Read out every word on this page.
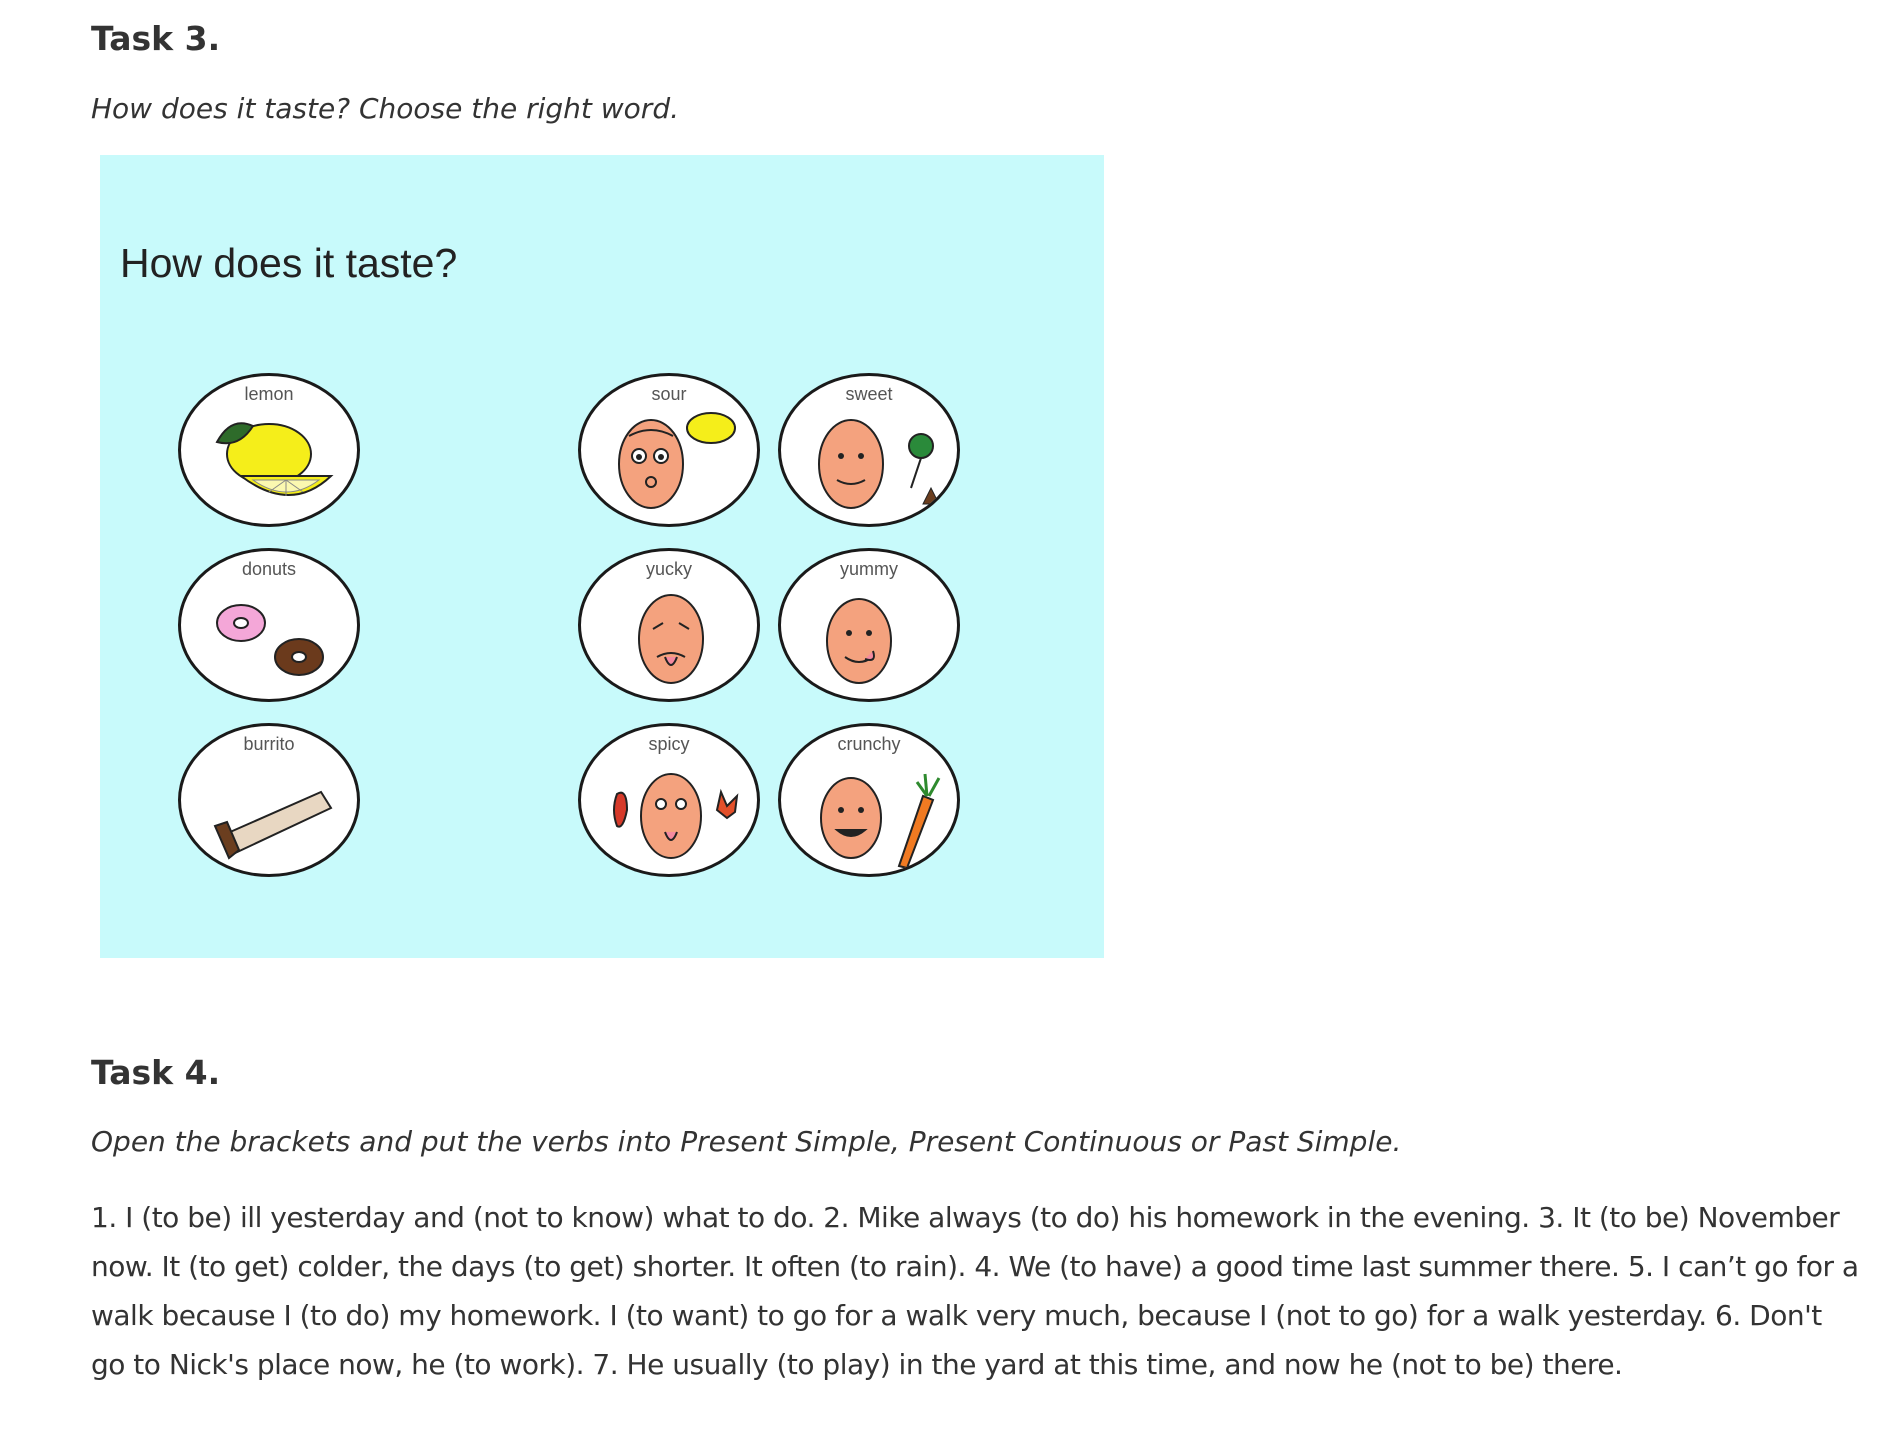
Task 3.

How does it taste? Choose the right word.

How does it taste?
lemon	sour	sweet
donuts	yucky	yummy
burrito	spicy	crunchy
Task 4.

Open the brackets and put the verbs into Present Simple, Present Continuous or Past Simple.

1. I (to be) ill yesterday and (not to know) what to do. 2. Mike always (to do) his homework in the evening. 3. It (to be) November now. It (to get) colder, the days (to get) shorter. It often (to rain). 4. We (to have) a good time last summer there. 5. I can’t go for a walk because I (to do) my homework. I (to want) to go for a walk very much, because I (not to go) for a walk yesterday. 6. Don't go to Nick's place now, he (to work). 7. He usually (to play) in the yard at this time, and now he (not to be) there.
